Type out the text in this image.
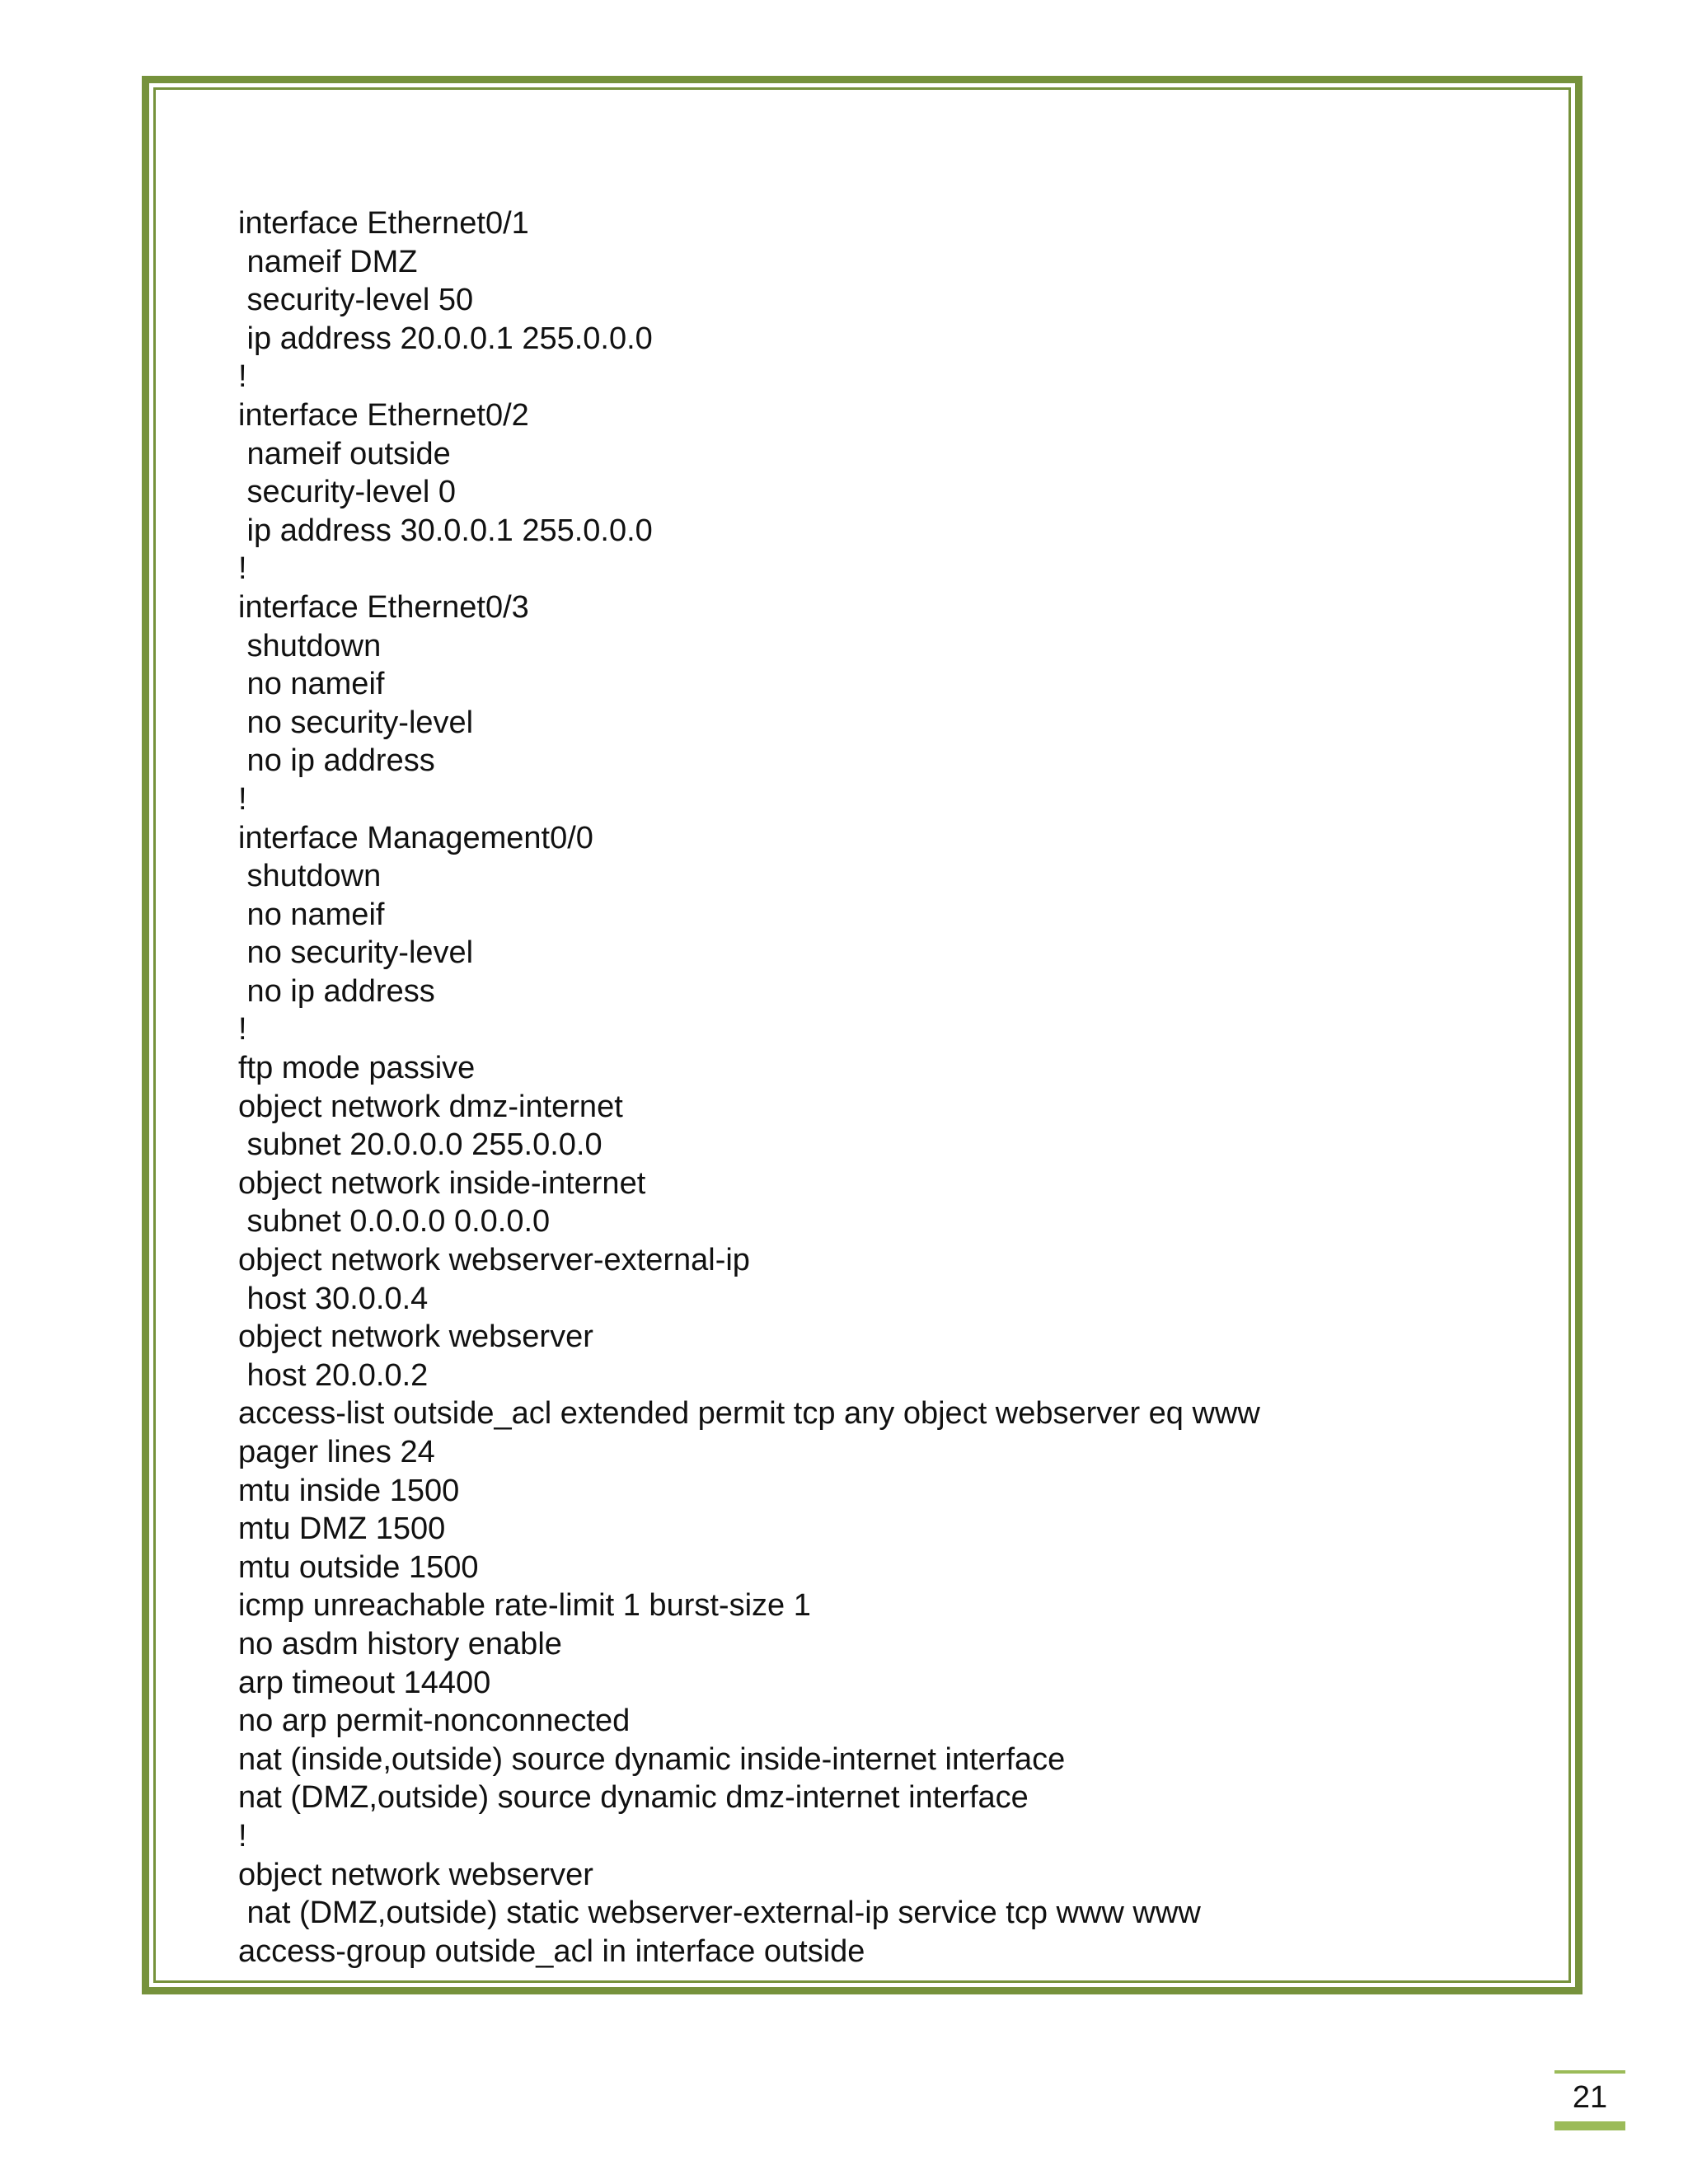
interface Ethernet0/1
nameif DMZ
security-level 50
ip address 20.0.0.1 255.0.0.0
!
interface Ethernet0/2
nameif outside
security-level 0
ip address 30.0.0.1 255.0.0.0
!
interface Ethernet0/3
shutdown
no nameif
no security-level
no ip address
!
interface Management0/0
shutdown
no nameif
no security-level
no ip address
!
ftp mode passive
object network dmz-internet
subnet 20.0.0.0 255.0.0.0
object network inside-internet
subnet 0.0.0.0 0.0.0.0
object network webserver-external-ip
host 30.0.0.4
object network webserver
host 20.0.0.2
access-list outside_acl extended permit tcp any object webserver eq www
pager lines 24
mtu inside 1500
mtu DMZ 1500
mtu outside 1500
icmp unreachable rate-limit 1 burst-size 1
no asdm history enable
arp timeout 14400
no arp permit-nonconnected
nat (inside,outside) source dynamic inside-internet interface
nat (DMZ,outside) source dynamic dmz-internet interface
!
object network webserver
nat (DMZ,outside) static webserver-external-ip service tcp www www
access-group outside_acl in interface outside
21
